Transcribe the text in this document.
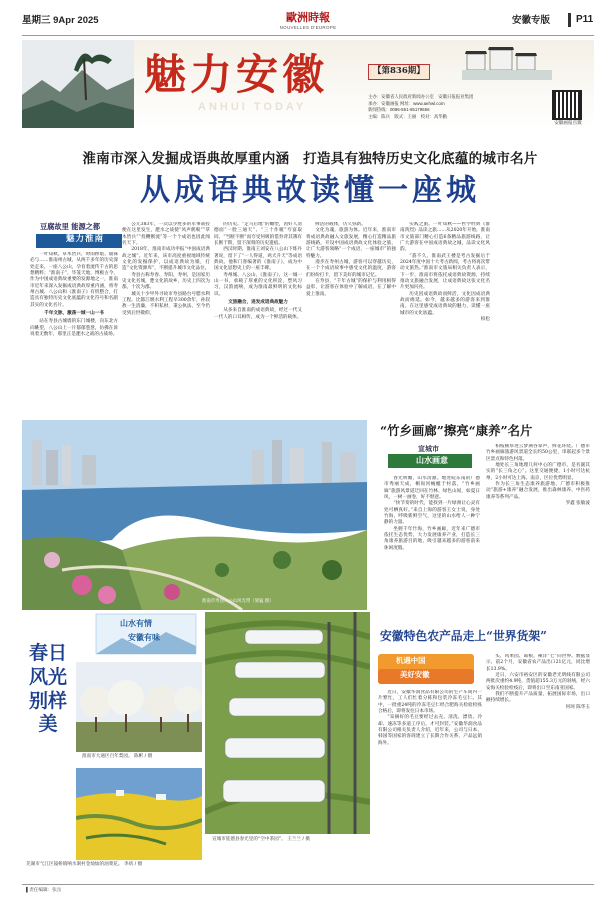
星期三 9Apr 2025	歐洲時報
NOUVELLES D'EUROPE
安徽专版	P11
魅力安徽
ANHUI TODAY
【第836期】
主办：安徽省人民政府新闻办公室　安徽日报报业集团
承办：安徽画报 网址：www.aehwl.com
新闻热线：0086-551-65179656
主编：陈兵　版式：王丽　校对：高华勤
安徽画报官微
淮南市深入发掘成语典故厚重内涵　打造具有独特历史文化底蕴的城市名片
从成语典故读懂一座城
豆腐故里 能源之都
魅力淮南

一叶知秋、草木皆兵、时雨秽堪、锱铢必与……淮南州古城，从两千多年的历史深处走来，一座八公山，孕育着流传千古的思想精粹；“淮南子”，毕笼天地，博极古今，作为中国成语典故重要的发源地之一，淮南市近年来深入发掘成语典故厚重内涵，将寿州古城、八公山和《淮南子》有机整合，打造具有独特历史文化底蕴的文化符号和名副其实的文化名片。

千年文脉，激荡一城一山一书

站在寿县古城墙的东门城楼，向东北方向眺望，八公山上一片郁郁葱葱，仿佛在诉说着无数年，那里正是淝水之战的古战场。

公元383年，一次以少胜多的军事战役便在这里发生，淝水之战使“风声鹤唳”“草木皆兵”“投鞭断流”等一个个成语也因此闻名天下。

2018年，淮南市成功申报“中国成语典故之城”。近年来，该市高度重视地域传统文化的发掘保护，以成语典故为媒，打造“文化资源库”，不断提升城市文化品位。

寿县古称寿春、寿阳、寿州，是国家历史文化名城，楚文化的故乡，历史上四次为都，十次为郡。

城关十少甲外寻故市寿县路台号腊水利工程。比都江堰水利工程早300余年，孙叔敖一生清廉，不积私财，秉公执法，至今仍受到后世敬仰。

的历史。“走马后地”的雕塑，因好人清德面“一脸三通天”、“三十作履”夸富取同、“当断不断”而夸受何吸的借券背其簿有长断于斯，留下深刻的历史遗痕。

西汉时期，淮南王刘安在八公山下炼丹著说，留下了“一人得道，鸡犬升天”等成语典故。他和门客编著的《淮南子》，成为中国文化思想史上的一座丰碑。

寿州城、八公山、《淮南子》，这一城一山一书，承载了厚重的文化积淀，塑风习习，汉韵流响，成为淮南最鲜明的文化标识。

文旅融合，进发成语典故魅力

从多来自淮南的成语典故，经过一代又一代人的口耳相传，成为一个鲜活的载体。

鲜活的载体，历久弥新。

文化为魂，旅游为体。近年来，淮南市将成语典故融入文旅发展，精心打造精品旅游线路，开设中国成语典故文化体验之旅，让广大游客领略“一个成语，一座城市”的独特魅力。

漫步在寿州古城，游客可以穿越历史，在一个个成语故事中感受文化的温度，游客们纷纷打卡，留下美好的城市记忆。

在寿县，“千年古城”的保护与利用相得益彰，让游客在体验中了解成语，在了解中爱上淮南。

实践之旅。一叶知秋——哲学经典《淮南鸿烈》品读之旅……从2020年开始，淮南市文旅部门精心打造6条精品旅游线路，让广大游客在中国成语典故之城，品读文化风韵。

“荔不久，淮南武王楼是考古发掘后于2024年度中国十大考古新闻，考古将再次带动文旅热。”淮南市文旅局相关负责人表示，下一步，淮南市将依托成语典故资源，持续推动文旅融合发展，让成语典故这张文化名片更加闪亮。

历史因成语典故而鲜活，文化因成语典故而绵延。如今，越来越多的游客来到淮南，在这里感受成语典故的魅力，读懂一座城市的文化底蕴。

柏松

淮南市寿县八公山风光带（梁猛 摄）
“竹乡画廊”擦亮“康养”名片
宣城市
山水画意

春光明媚，山水清澈。地处皖东南的广德市秀丽天成，桐岗河蜿蜒于村落，“竹乡画廊”旅游风景道迂回在竹林、绿色山间，如夏日风，一树一画卷，好不惬意。

“快节奏的时代，能找到一片绿洲让心灵有处可栖真好。”来自上海的游客王女士说，身处竹海，呼吸新鲜空气，这里的山水给人一种宁静的力量。

坐拥千年竹海，竹乡画廊，近年来广德市依托生态优势，大力发展康养产业，打造长三角康养旅游目的地，吸引越来越多的游客前来休闲度假。

柏枝顿厚进云梦满谷掌声，鲜花环绕。广德市竹乡画廊旅游风景道全长约50公里，串联起多个景区景点和特色村落。

地处长三角地理几何中心的广德市，是名副其实的“长三角之心”。这里交通便捷，1小时可达杭州，2小时可达上海、南京，区位优势明显。

作为长三角生态康养旅游地，广德市积极推动“旅游+康养”融合发展，推出森林康养、中医药康养等系列产品。

罗鑫 张敏波

山水有情
安徽有味
春日风光别样美
淮南市大通区百年梨园。 陈彬 / 摄
芜湖市弋江区镜桥镇响水涧村金灿灿的油菜花。 李靖 / 摄
宣城市旌德县春光里的“空中茶园”。 王兰兰 / 摄
安徽特色农产品走上“世界货架”
机遇中国
美好安徽

近日，安徽华润食品有限公司的生产车间内一片繁忙，工人们忙着分拣和包装冷冻毛豆仁。其中，一批重24吨的冷冻毛豆仁经合肥海关检验检疫合格后，即将发往日本市场。

“采摘好的毛豆要经过去壳、清洗、漂烫、冷却、速冻等多道工序后，才可封装。”安徽华润食品有限公司相关负责人介绍，近年来，公司与日本、韩国等国家的客商建立了长期合作关系，产品远销海外。

头、风果园、葛根、辣洋“七”向世界。数据显示，前2个月，安徽省农产品出口21亿元，同比增长13.9%。

近日，六安市裕安区的安徽老光明线有限公司两批次重约4.9吨、货值超155.3万元的羽绒，经六安海关检验检疫后，即将出口至东南亚国家。

我们不断提升产品质量，拓展国际市场，出口额持续增长。

何珂 陈华玉

▌责任编辑：张岳
